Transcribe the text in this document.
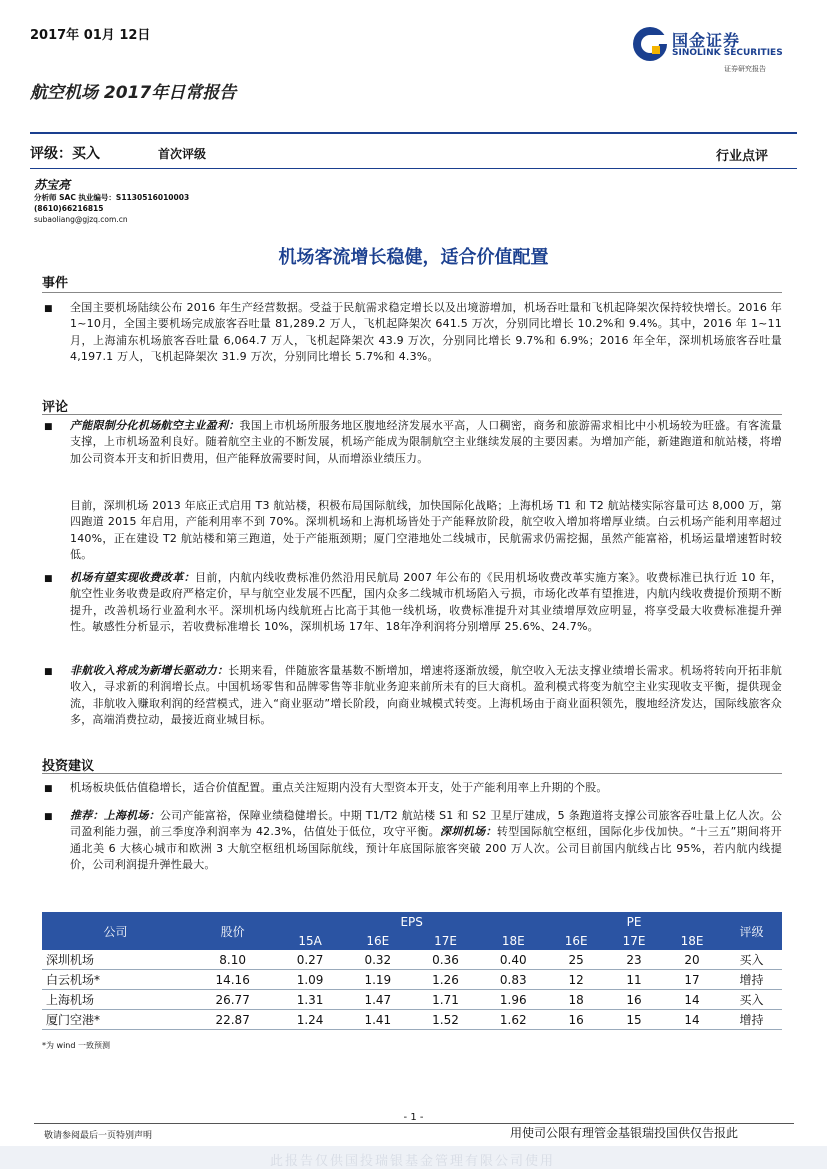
2017年 01月 12日	国金证券
SINOLINK SECURITIES
证券研究报告
航空机场 2017年日常报告
评级：买入	首次评级	行业点评
苏宝亮
分析师 SAC 执业编号：S1130516010003
(8610)66216815
subaoliang@gjzq.com.cn
机场客流增长稳健，适合价值配置
事件
■ 全国主要机场陆续公布 2016 年生产经营数据。受益于民航需求稳定增长以及出境游增加，机场吞吐量和飞机起降架次保持较快增长。2016 年 1~10月，全国主要机场完成旅客吞吐量 81,289.2 万人，飞机起降架次 641.5 万次，分别同比增长 10.2%和 9.4%。其中，2016 年 1~11月，上海浦东机场旅客吞吐量 6,064.7 万人，飞机起降架次 43.9 万次，分别同比增长 9.7%和 6.9%；2016 年全年，深圳机场旅客吞吐量 4,197.1 万人，飞机起降架次 31.9 万次，分别同比增长 5.7%和 4.3%。
评论
■ 产能限制分化机场航空主业盈利：我国上市机场所服务地区腹地经济发展水平高，人口稠密，商务和旅游需求相比中小机场较为旺盛。有客流量支撑，上市机场盈利良好。随着航空主业的不断发展，机场产能成为限制航空主业继续发展的主要因素。为增加产能，新建跑道和航站楼，将增加公司资本开支和折旧费用，但产能释放需要时间，从而增添业绩压力。
目前，深圳机场 2013 年底正式启用 T3 航站楼，积极布局国际航线，加快国际化战略；上海机场 T1 和 T2 航站楼实际容量可达 8,000 万，第四跑道 2015 年启用，产能利用率不到 70%。深圳机场和上海机场皆处于产能释放阶段，航空收入增加将增厚业绩。白云机场产能利用率超过 140%，正在建设 T2 航站楼和第三跑道，处于产能瓶颈期；厦门空港地处二线城市，民航需求仍需挖掘，虽然产能富裕，机场运量增速暂时较低。
■ 机场有望实现收费改革：目前，内航内线收费标准仍然沿用民航局 2007 年公布的《民用机场收费改革实施方案》。收费标准已执行近 10 年，航空性业务收费是政府严格定价，早与航空业发展不匹配，国内众多二线城市机场陷入亏损，市场化改革有望推进，内航内线收费提价预期不断提升，改善机场行业盈利水平。深圳机场内线航班占比高于其他一线机场，收费标准提升对其业绩增厚效应明显，将享受最大收费标准提升弹性。敏感性分析显示，若收费标准增长 10%，深圳机场 17年、18年净利润将分别增厚 25.6%、24.7%。
■ 非航收入将成为新增长驱动力：长期来看，伴随旅客量基数不断增加，增速将逐渐放缓，航空收入无法支撑业绩增长需求。机场将转向开拓非航收入，寻求新的利润增长点。中国机场零售和品牌零售等非航业务迎来前所未有的巨大商机。盈利模式将变为航空主业实现收支平衡，提供现金流，非航收入赚取利润的经营模式，进入“商业驱动”增长阶段，向商业城模式转变。上海机场由于商业面积领先，腹地经济发达，国际线旅客众多，高端消费拉动，最接近商业城目标。
投资建议
■ 机场板块低估值稳增长，适合价值配置。重点关注短期内没有大型资本开支，处于产能利用率上升期的个股。
■ 推荐：上海机场：公司产能富裕，保障业绩稳健增长。中期 T1/T2 航站楼 S1 和 S2 卫星厅建成，5 条跑道将支撑公司旅客吞吐量上亿人次。公司盈利能力强，前三季度净利润率为 42.3%，估值处于低位，攻守平衡。深圳机场：转型国际航空枢纽，国际化步伐加快。“十三五”期间将开通北美 6 大核心城市和欧洲 3 大航空枢纽机场国际航线，预计年底国际旅客突破 200 万人次。公司目前国内航线占比 95%，若内航内线提价，公司利润提升弹性最大。
公司	股价	EPS				PE			评级
		15A	16E	17E	18E	16E	17E	18E	
深圳机场	8.10	0.27	0.32	0.36	0.40	25	23	20	买入
白云机场*	14.16	1.09	1.19	1.26	0.83	12	11	17	增持
上海机场	26.77	1.31	1.47	1.71	1.96	18	16	14	买入
厦门空港*	22.87	1.24	1.41	1.52	1.62	16	15	14	增持
*为 wind 一致预测
- 1 -
敬请参阅最后一页特别声明	用使司公限有理管金基银瑞投国供仅告报此
此报告仅供国投瑞银基金管理有限公司使用
